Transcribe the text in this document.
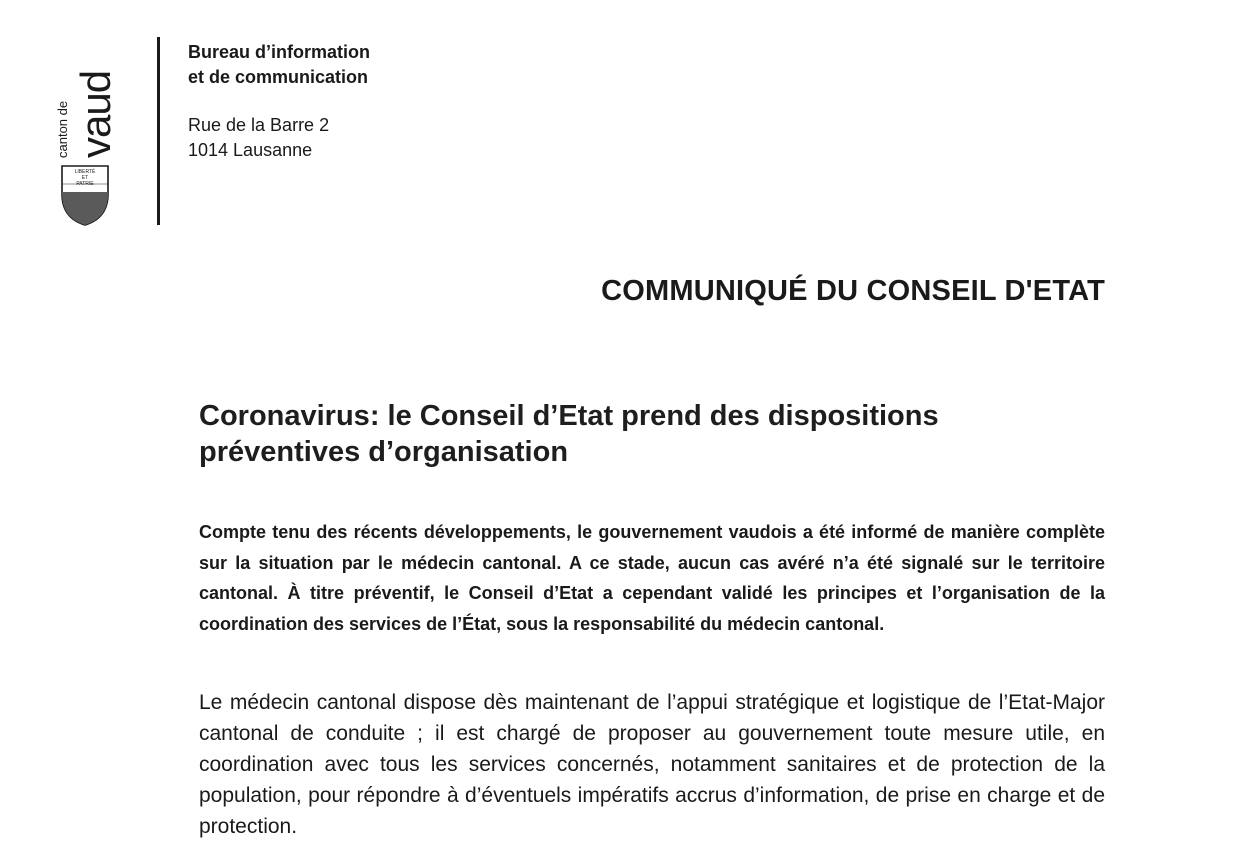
vaud
canton de
LIBERTÉ
ET
PATRIE
Bureau d’information
et de communication
Rue de la Barre 2
1014 Lausanne
COMMUNIQUÉ DU CONSEIL D'ETAT
Coronavirus: le Conseil d’Etat prend des dispositions
préventives d’organisation

Compte tenu des récents développements, le gouvernement vaudois a été informé de manière complète sur la situation par le médecin cantonal. A ce stade, aucun cas avéré n’a été signalé sur le territoire cantonal. À titre préventif, le Conseil d’Etat a cependant validé les principes et l’organisation de la coordination des services de l’État, sous la responsabilité du médecin cantonal.

Le médecin cantonal dispose dès maintenant de l’appui stratégique et logistique de l’Etat-Major cantonal de conduite ; il est chargé de proposer au gouvernement toute mesure utile, en coordination avec tous les services concernés, notamment sanitaires et de protection de la population, pour répondre à d’éventuels impératifs accrus d’information, de prise en charge et de protection.
